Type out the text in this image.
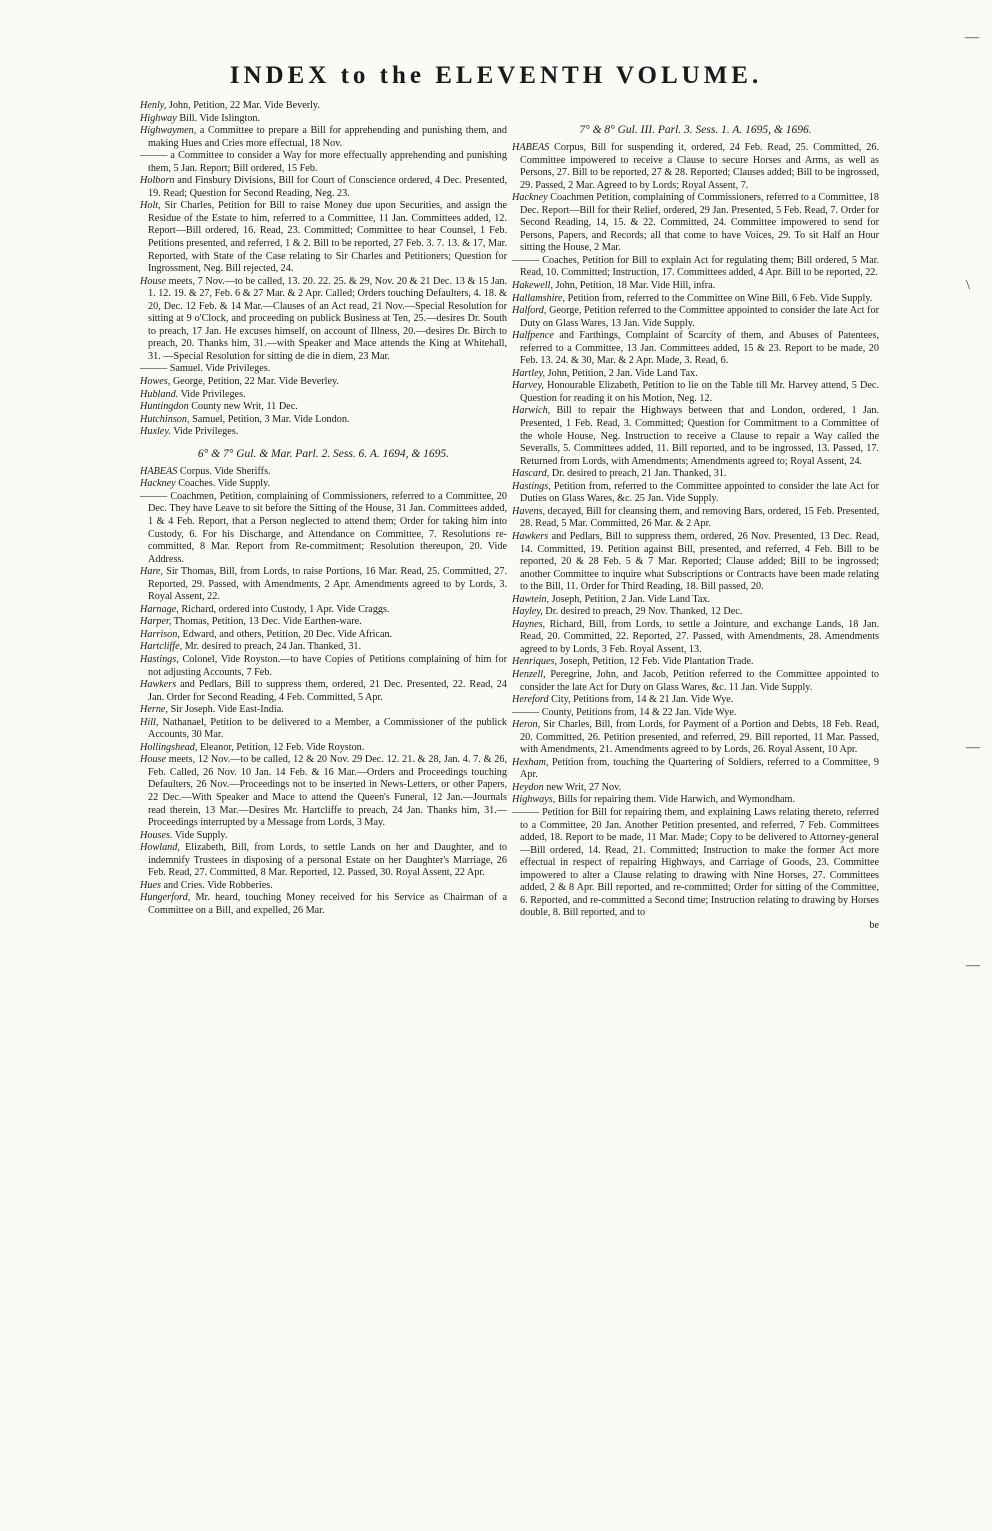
INDEX to the ELEVENTH VOLUME.

Henly, John, Petition, 22 Mar. Vide Beverly.

Highway Bill. Vide Islington.

Highwaymen, a Committee to prepare a Bill for apprehending and punishing them, and making Hues and Cries more effectual, 18 Nov.

——— a Committee to consider a Way for more effectually apprehending and punishing them, 5 Jan. Report; Bill ordered, 15 Feb.

Holborn and Finsbury Divisions, Bill for Court of Conscience ordered, 4 Dec. Presented, 19. Read; Question for Second Reading, Neg. 23.

Holt, Sir Charles, Petition for Bill to raise Money due upon Securities, and assign the Residue of the Estate to him, referred to a Committee, 11 Jan. Committees added, 12. Report—Bill ordered, 16. Read, 23. Committed; Committee to hear Counsel, 1 Feb. Petitions presented, and referred, 1 & 2. Bill to be reported, 27 Feb. 3. 7. 13. & 17, Mar. Reported, with State of the Case relating to Sir Charles and Petitioners; Question for Ingrossment, Neg. Bill rejected, 24.

House meets, 7 Nov.—to be called, 13. 20. 22. 25. & 29, Nov. 20 & 21 Dec. 13 & 15 Jan. 1. 12. 19. & 27, Feb. 6 & 27 Mar. & 2 Apr. Called; Orders touching Defaulters, 4. 18. & 20, Dec. 12 Feb. & 14 Mar.—Clauses of an Act read, 21 Nov.—Special Resolution for sitting at 9 o'Clock, and proceeding on publick Business at Ten, 25.—desires Dr. South to preach, 17 Jan. He excuses himself, on account of Illness, 20.—desires Dr. Birch to preach, 20. Thanks him, 31.—with Speaker and Mace attends the King at Whitehall, 31. —Special Resolution for sitting de die in diem, 23 Mar.

——— Samuel. Vide Privileges.

Howes, George, Petition, 22 Mar. Vide Beverley.

Hubland. Vide Privileges.

Huntingdon County new Writ, 11 Dec.

Hutchinson, Samuel, Petition, 3 Mar. Vide London.

Huxley. Vide Privileges.

6° & 7° Gul. & Mar. Parl. 2. Sess. 6. A. 1694, & 1695.

HABEAS Corpus. Vide Sheriffs.

Hackney Coaches. Vide Supply.

——— Coachmen, Petition, complaining of Commissioners, referred to a Committee, 20 Dec. They have Leave to sit before the Sitting of the House, 31 Jan. Committees added, 1 & 4 Feb. Report, that a Person neglected to attend them; Order for taking him into Custody, 6. For his Discharge, and Attendance on Committee, 7. Resolutions re-committed, 8 Mar. Report from Re-commitment; Resolution thereupon, 20. Vide Address.

Hare, Sir Thomas, Bill, from Lords, to raise Portions, 16 Mar. Read, 25. Committed, 27. Reported, 29. Passed, with Amendments, 2 Apr. Amendments agreed to by Lords, 3. Royal Assent, 22.

Harnage, Richard, ordered into Custody, 1 Apr. Vide Craggs.

Harper, Thomas, Petition, 13 Dec. Vide Earthen-ware.

Harrison, Edward, and others, Petition, 20 Dec. Vide African.

Hartcliffe, Mr. desired to preach, 24 Jan. Thanked, 31.

Hastings, Colonel, Vide Royston.—to have Copies of Petitions complaining of him for not adjusting Accounts, 7 Feb.

Hawkers and Pedlars, Bill to suppress them, ordered, 21 Dec. Presented, 22. Read, 24 Jan. Order for Second Reading, 4 Feb. Committed, 5 Apr.

Herne, Sir Joseph. Vide East-India.

Hill, Nathanael, Petition to be delivered to a Member, a Commissioner of the publick Accounts, 30 Mar.

Hollingshead, Eleanor, Petition, 12 Feb. Vide Royston.

House meets, 12 Nov.—to be called, 12 & 20 Nov. 29 Dec. 12. 21. & 28, Jan. 4. 7. & 26, Feb. Called, 26 Nov. 10 Jan. 14 Feb. & 16 Mar.—Orders and Proceedings touching Defaulters, 26 Nov.—Proceedings not to be inserted in News-Letters, or other Papers, 22 Dec.—With Speaker and Mace to attend the Queen's Funeral, 12 Jan.—Journals read therein, 13 Mar.—Desires Mr. Hartcliffe to preach, 24 Jan. Thanks him, 31.—Proceedings interrupted by a Message from Lords, 3 May.

Houses. Vide Supply.

Howland, Elizabeth, Bill, from Lords, to settle Lands on her and Daughter, and to indemnify Trustees in disposing of a personal Estate on her Daughter's Marriage, 26 Feb. Read, 27. Committed, 8 Mar. Reported, 12. Passed, 30. Royal Assent, 22 Apr.

Hues and Cries. Vide Robberies.

Hungerford, Mr. heard, touching Money received for his Service as Chairman of a Committee on a Bill, and expelled, 26 Mar.

7° & 8° Gul. III. Parl. 3. Sess. 1. A. 1695, & 1696.

HABEAS Corpus, Bill for suspending it, ordered, 24 Feb. Read, 25. Committed, 26. Committee impowered to receive a Clause to secure Horses and Arms, as well as Persons, 27. Bill to be reported, 27 & 28. Reported; Clauses added; Bill to be ingrossed, 29. Passed, 2 Mar. Agreed to by Lords; Royal Assent, 7.

Hackney Coachmen Petition, complaining of Commissioners, referred to a Committee, 18 Dec. Report—Bill for their Relief, ordered, 29 Jan. Presented, 5 Feb. Read, 7. Order for Second Reading, 14, 15. & 22. Committed, 24. Committee impowered to send for Persons, Papers, and Records; all that come to have Voices, 29. To sit Half an Hour sitting the House, 2 Mar.

——— Coaches, Petition for Bill to explain Act for regulating them; Bill ordered, 5 Mar. Read, 10. Committed; Instruction, 17. Committees added, 4 Apr. Bill to be reported, 22.

Hakewell, John, Petition, 18 Mar. Vide Hill, infra.

Hallamshire, Petition from, referred to the Committee on Wine Bill, 6 Feb. Vide Supply.

Halford, George, Petition referred to the Committee appointed to consider the late Act for Duty on Glass Wares, 13 Jan. Vide Supply.

Halfpence and Farthings, Complaint of Scarcity of them, and Abuses of Patentees, referred to a Committee, 13 Jan. Committees added, 15 & 23. Report to be made, 20 Feb. 13. 24. & 30, Mar. & 2 Apr. Made, 3. Read, 6.

Hartley, John, Petition, 2 Jan. Vide Land Tax.

Harvey, Honourable Elizabeth, Petition to lie on the Table till Mr. Harvey attend, 5 Dec. Question for reading it on his Motion, Neg. 12.

Harwich, Bill to repair the Highways between that and London, ordered, 1 Jan. Presented, 1 Feb. Read, 3. Committed; Question for Commitment to a Committee of the whole House, Neg. Instruction to receive a Clause to repair a Way called the Severalls, 5. Committees added, 11. Bill reported, and to be ingrossed, 13. Passed, 17. Returned from Lords, with Amendments; Amendments agreed to; Royal Assent, 24.

Hascard, Dr. desired to preach, 21 Jan. Thanked, 31.

Hastings, Petition from, referred to the Committee appointed to consider the late Act for Duties on Glass Wares, &c. 25 Jan. Vide Supply.

Havens, decayed, Bill for cleansing them, and removing Bars, ordered, 15 Feb. Presented, 28. Read, 5 Mar. Committed, 26 Mar. & 2 Apr.

Hawkers and Pedlars, Bill to suppress them, ordered, 26 Nov. Presented, 13 Dec. Read, 14. Committed, 19. Petition against Bill, presented, and referred, 4 Feb. Bill to be reported, 20 & 28 Feb. 5 & 7 Mar. Reported; Clause added; Bill to be ingrossed; another Committee to inquire what Subscriptions or Contracts have been made relating to the Bill, 11. Order for Third Reading, 18. Bill passed, 20.

Hawtein, Joseph, Petition, 2 Jan. Vide Land Tax.

Hayley, Dr. desired to preach, 29 Nov. Thanked, 12 Dec.

Haynes, Richard, Bill, from Lords, to settle a Jointure, and exchange Lands, 18 Jan. Read, 20. Committed, 22. Reported, 27. Passed, with Amendments, 28. Amendments agreed to by Lords, 3 Feb. Royal Assent, 13.

Henriques, Joseph, Petition, 12 Feb. Vide Plantation Trade.

Henzell, Peregrine, John, and Jacob, Petition referred to the Committee appointed to consider the late Act for Duty on Glass Wares, &c. 11 Jan. Vide Supply.

Hereford City, Petitions from, 14 & 21 Jan. Vide Wye.

——— County, Petitions from, 14 & 22 Jan. Vide Wye.

Heron, Sir Charles, Bill, from Lords, for Payment of a Portion and Debts, 18 Feb. Read, 20. Committed, 26. Petition presented, and referred, 29. Bill reported, 11 Mar. Passed, with Amendments, 21. Amendments agreed to by Lords, 26. Royal Assent, 10 Apr.

Hexham, Petition from, touching the Quartering of Soldiers, referred to a Committee, 9 Apr.

Heydon new Writ, 27 Nov.

Highways, Bills for repairing them. Vide Harwich, and Wymondham.

——— Petition for Bill for repairing them, and explaining Laws relating thereto, referred to a Committee, 20 Jan. Another Petition presented, and referred, 7 Feb. Committees added, 18. Report to be made, 11 Mar. Made; Copy to be delivered to Attorney-general—Bill ordered, 14. Read, 21. Committed; Instruction to make the former Act more effectual in respect of repairing Highways, and Carriage of Goods, 23. Committee impowered to alter a Clause relating to drawing with Nine Horses, 27. Committees added, 2 & 8 Apr. Bill reported, and re-committed; Order for sitting of the Committee, 6. Reported, and re-committed a Second time; Instruction relating to drawing by Horses double, 8. Bill reported, and to

be
—
\
—
—
